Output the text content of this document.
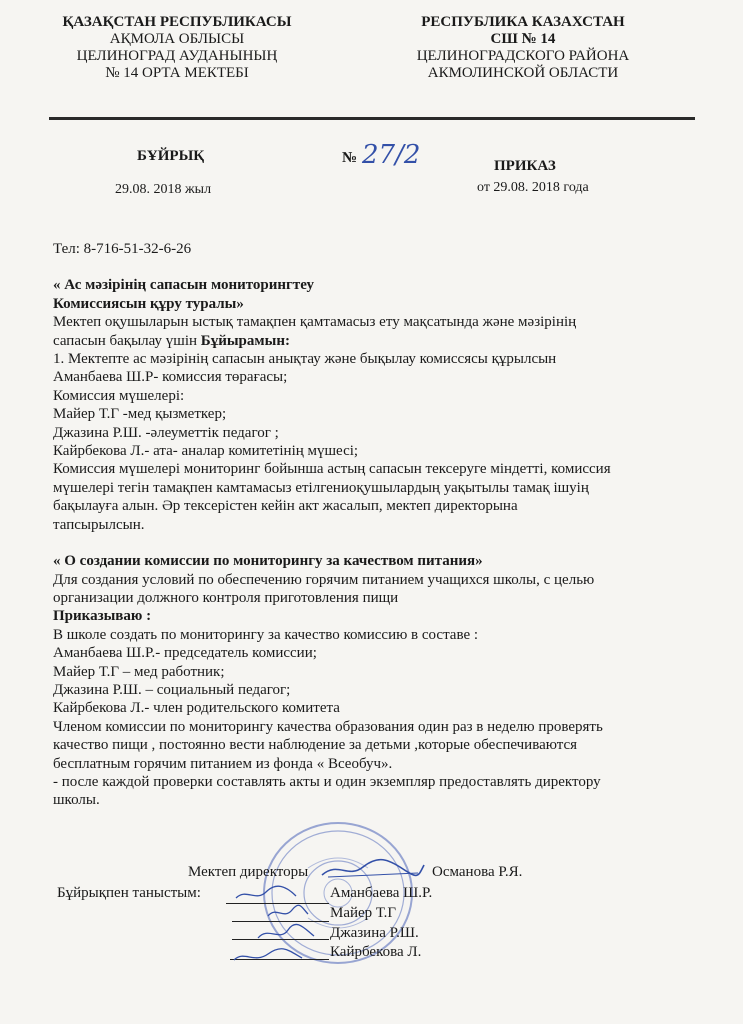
ҚАЗАҚСТАН РЕСПУБЛИКАСЫ
АҚМОЛА ОБЛЫСЫ
ЦЕЛИНОГРАД АУДАНЫНЫҢ
№ 14 ОРТА МЕКТЕБІ
РЕСПУБЛИКА КАЗАХСТАН
СШ № 14
ЦЕЛИНОГРАДСКОГО РАЙОНА
АКМОЛИНСКОЙ ОБЛАСТИ
БҰЙРЫҚ
29.08. 2018 жыл
№ 27/2	ПРИКАЗ
от 29.08. 2018 года

Тел: 8-716-51-32-6-26

« Ас мәзірінің сапасын мониторингтеу

Комиссиясын құру туралы»

Мектеп оқушыларын ыстық тамақпен қамтамасыз ету мақсатында және мәзірінің

сапасын бақылау үшін Бұйырамын:

1. Мектепте ас мәзірінің сапасын анықтау және бықылау комиссясы құрылсын

Аманбаева Ш.Р- комиссия төрағасы;

Комиссия мүшелері:

Майер Т.Г -мед қызметкер;

Джазина Р.Ш. -әлеуметтік педагог ;

Кайрбекова Л.- ата- аналар комитетінің мүшесі;

Комиссия мүшелері мониторинг бойынша астың сапасын тексеруге міндетті, комиссия

мүшелері тегін тамақпен камтамасыз етілгениоқушылардың уақытылы тамақ ішуің

бақылауға алын. Әр тексерістен кейін акт жасалып, мектеп директорына

тапсырылсын.

« О создании комиссии по мониторингу за качеством питания»

Для создания условий по обеспечению горячим питанием учащихся школы, с целью

организации должного контроля приготовления пищи

Приказываю :

В школе создать по мониторингу за качество комиссию в составе :

Аманбаева Ш.Р.- председатель комиссии;

Майер Т.Г – мед работник;

Джазина Р.Ш. – социальный педагог;

Кайрбекова Л.- член родительского комитета

Членом комиссии по мониторингу качества образования один раз в неделю проверять

качество пищи , постоянно вести наблюдение за детьми ,которые обеспечиваются

бесплатным горячим питанием из фонда « Всеобуч».

- после каждой проверки составлять акты и один экземпляр предоставлять директору

школы.

Мектеп директоры	Османова Р.Я.
Бұйрықпен таныстым:	Аманбаева Ш.Р.
Майер Т.Г
Джазина Р.Ш.
Кайрбекова Л.
